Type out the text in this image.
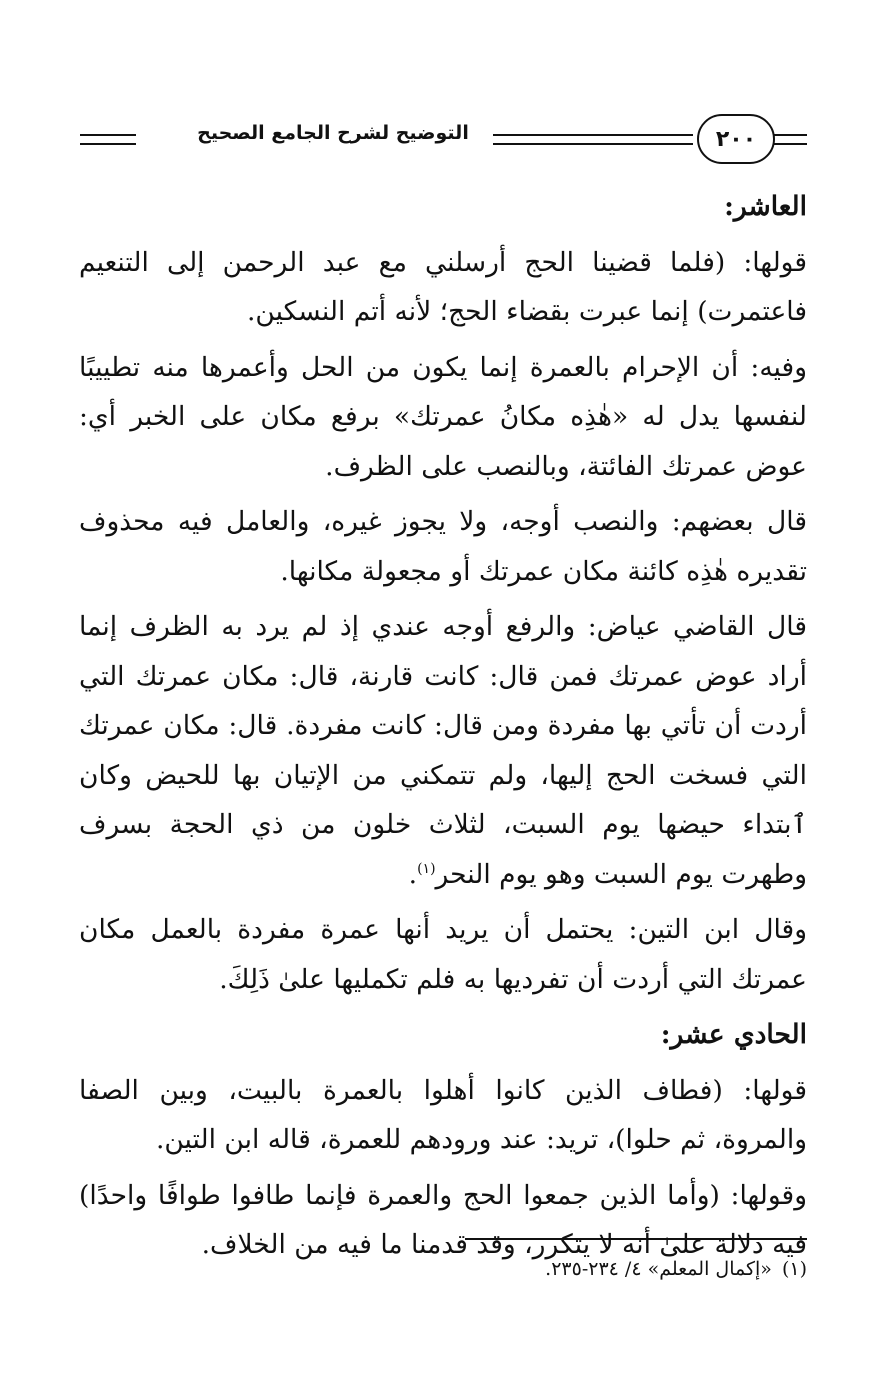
٢٠٠
التوضيح لشرح الجامع الصحيح

العاشر:

قولها: (فلما قضينا الحج أرسلني مع عبد الرحمن إلى التنعيم فاعتمرت) إنما عبرت بقضاء الحج؛ لأنه أتم النسكين.

وفيه: أن الإحرام بالعمرة إنما يكون من الحل وأعمرها منه تطييبًا لنفسها يدل له «هٰذِه مكانُ عمرتك» برفع مكان على الخبر أي: عوض عمرتك الفائتة، وبالنصب على الظرف.

قال بعضهم: والنصب أوجه، ولا يجوز غيره، والعامل فيه محذوف تقديره هٰذِه كائنة مكان عمرتك أو مجعولة مكانها.

قال القاضي عياض: والرفع أوجه عندي إذ لم يرد به الظرف إنما أراد عوض عمرتك فمن قال: كانت قارنة، قال: مكان عمرتك التي أردت أن تأتي بها مفردة ومن قال: كانت مفردة. قال: مكان عمرتك التي فسخت الحج إليها، ولم تتمكني من الإتيان بها للحيض وكان ٱبتداء حيضها يوم السبت، لثلاث خلون من ذي الحجة بسرف وطهرت يوم السبت وهو يوم النحر$^{(١)}$.

وقال ابن التين: يحتمل أن يريد أنها عمرة مفردة بالعمل مكان عمرتك التي أردت أن تفرديها به فلم تكمليها علىٰ ذَلِكَ.

الحادي عشر:

قولها: (فطاف الذين كانوا أهلوا بالعمرة بالبيت، وبين الصفا والمروة، ثم حلوا)، تريد: عند ورودهم للعمرة، قاله ابن التين.

وقولها: (وأما الذين جمعوا الحج والعمرة فإنما طافوا طوافًا واحدًا) فيه دلالة علىٰ أنه لا يتكرر، وقد قدمنا ما فيه من الخلاف.

(١)«إكمال المعلم» ٤/ ٢٣٤-٢٣٥.
